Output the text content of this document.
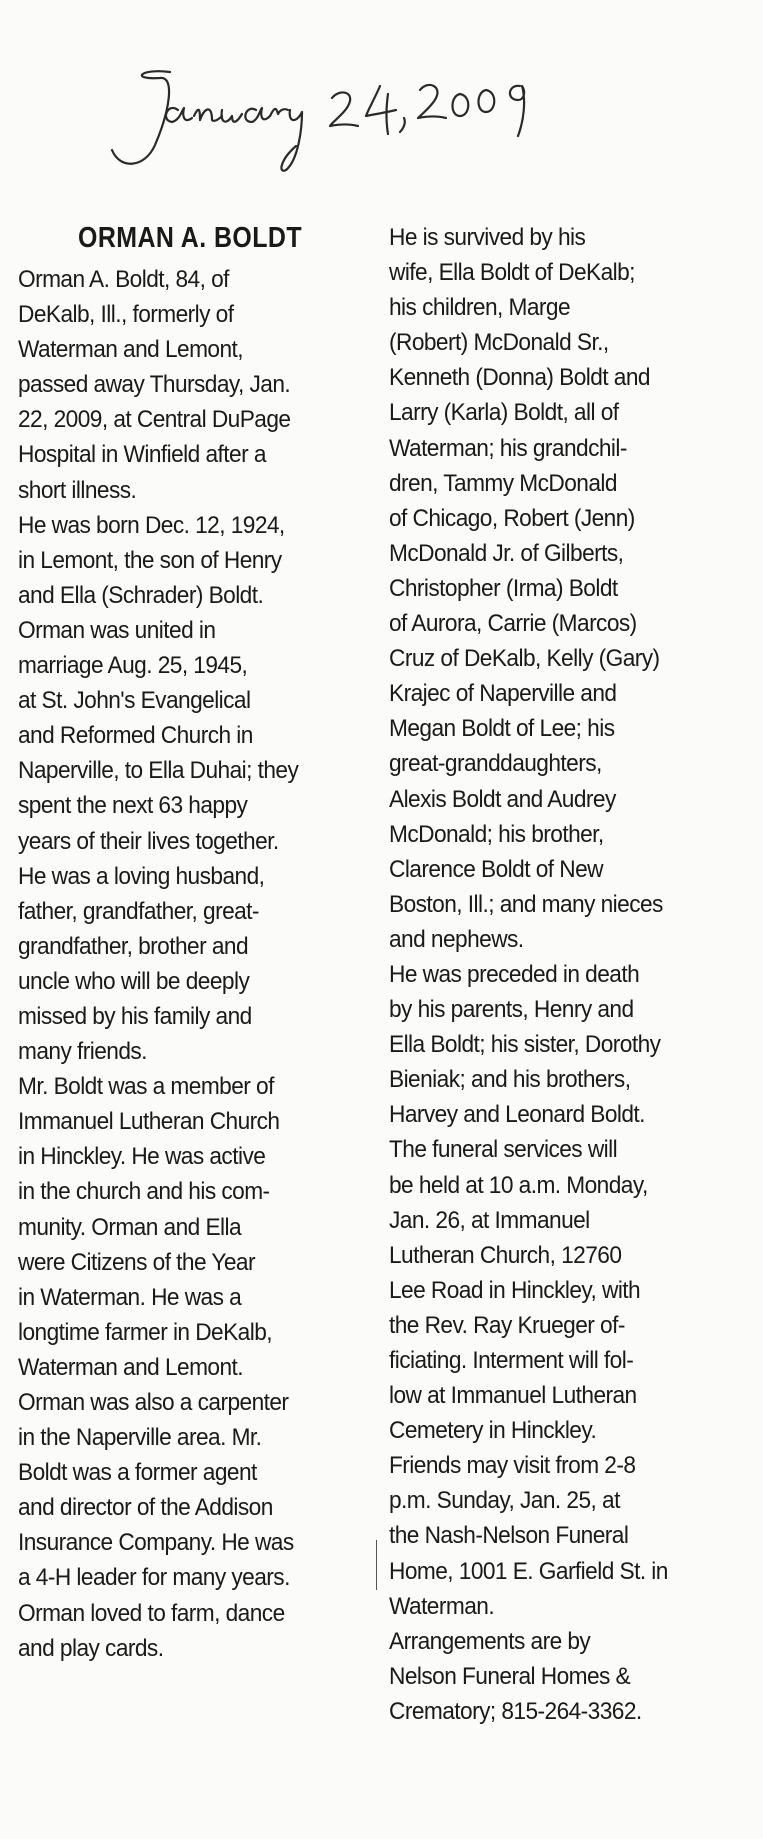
ORMAN A. BOLDT

Orman A. Boldt, 84, of
DeKalb, Ill., formerly of
Waterman and Lemont,
passed away Thursday, Jan.
22, 2009, at Central DuPage
Hospital in Winfield after a
short illness.

He was born Dec. 12, 1924,
in Lemont, the son of Henry
and Ella (Schrader) Boldt.

Orman was united in
marriage Aug. 25, 1945,
at St. John's Evangelical
and Reformed Church in
Naperville, to Ella Duhai; they
spent the next 63 happy
years of their lives together.
He was a loving husband,
father, grandfather, great-
grandfather, brother and
uncle who will be deeply
missed by his family and
many friends.

Mr. Boldt was a member of
Immanuel Lutheran Church
in Hinckley. He was active
in the church and his com-
munity. Orman and Ella
were Citizens of the Year
in Waterman. He was a
longtime farmer in DeKalb,
Waterman and Lemont.
Orman was also a carpenter
in the Naperville area. Mr.
Boldt was a former agent
and director of the Addison
Insurance Company. He was
a 4-H leader for many years.
Orman loved to farm, dance
and play cards.

He is survived by his
wife, Ella Boldt of DeKalb;
his children, Marge
(Robert) McDonald Sr.,
Kenneth (Donna) Boldt and
Larry (Karla) Boldt, all of
Waterman; his grandchil-
dren, Tammy McDonald
of Chicago, Robert (Jenn)
McDonald Jr. of Gilberts,
Christopher (Irma) Boldt
of Aurora, Carrie (Marcos)
Cruz of DeKalb, Kelly (Gary)
Krajec of Naperville and
Megan Boldt of Lee; his
great-granddaughters,
Alexis Boldt and Audrey
McDonald; his brother,
Clarence Boldt of New
Boston, Ill.; and many nieces
and nephews.

He was preceded in death
by his parents, Henry and
Ella Boldt; his sister, Dorothy
Bieniak; and his brothers,
Harvey and Leonard Boldt.

The funeral services will
be held at 10 a.m. Monday,
Jan. 26, at Immanuel
Lutheran Church, 12760
Lee Road in Hinckley, with
the Rev. Ray Krueger of-
ficiating. Interment will fol-
low at Immanuel Lutheran
Cemetery in Hinckley.
Friends may visit from 2-8
p.m. Sunday, Jan. 25, at
the Nash-Nelson Funeral
Home, 1001 E. Garfield St. in
Waterman.

Arrangements are by
Nelson Funeral Homes &
Crematory; 815-264-3362.
